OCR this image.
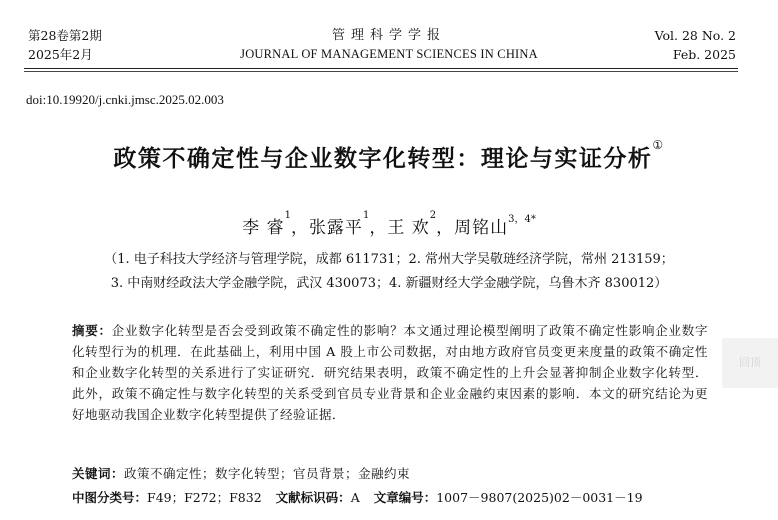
第28卷第2期
2025年2月
管理科学学报
JOURNAL OF MANAGEMENT SCIENCES IN CHINA
Vol. 28 No. 2
Feb. 2025
doi:10.19920/j.cnki.jmsc.2025.02.003
政策不确定性与企业数字化转型：理论与实证分析①
李 睿$^1$，张露平$^1$，王 欢$^2$，周铭山$^{3,4*}$
（1. 电子科技大学经济与管理学院，成都 611731；2. 常州大学吴敬琏经济学院，常州 213159；
3. 中南财经政法大学金融学院，武汉 430073；4. 新疆财经大学金融学院，乌鲁木齐 830012）
摘要：企业数字化转型是否会受到政策不确定性的影响？本文通过理论模型阐明了政策不确定性影响企业数字化转型行为的机理．在此基础上，利用中国 A 股上市公司数据，对由地方政府官员变更来度量的政策不确定性和企业数字化转型的关系进行了实证研究．研究结果表明，政策不确定性的上升会显著抑制企业数字化转型．此外，政策不确定性与数字化转型的关系受到官员专业背景和企业金融约束因素的影响．本文的研究结论为更好地驱动我国企业数字化转型提供了经验证据．
关键词：政策不确定性；数字化转型；官员背景；金融约束
中图分类号：F49；F272；F832 文献标识码：A 文章编号：1007－9807(2025)02－0031－19
回顶
